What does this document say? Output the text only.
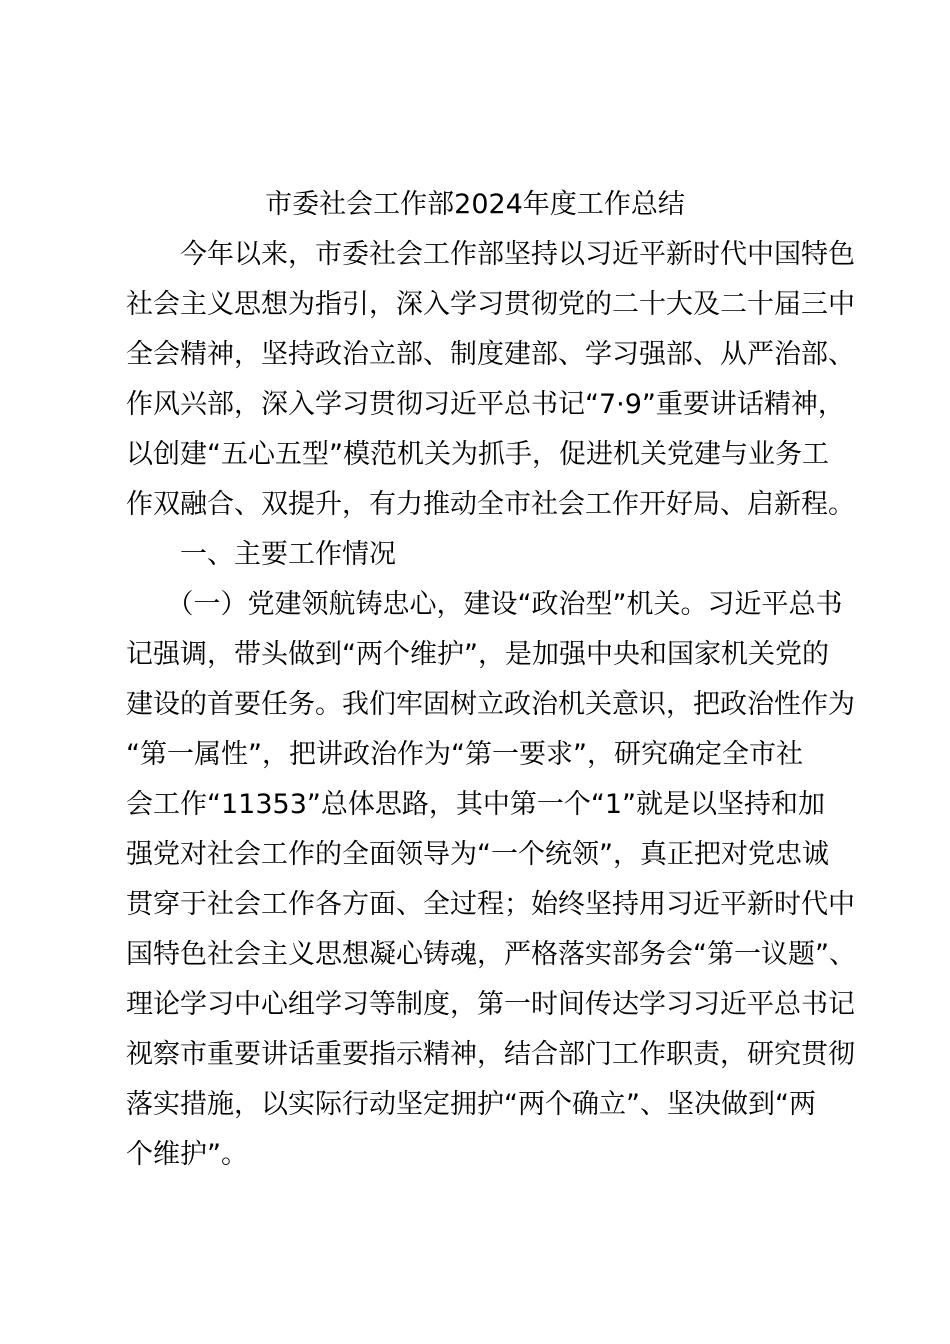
市委社会工作部2024年度工作总结
　　今年以来，市委社会工作部坚持以习近平新时代中国特色
社会主义思想为指引，深入学习贯彻党的二十大及二十届三中
全会精神，坚持政治立部、制度建部、学习强部、从严治部、
作风兴部，深入学习贯彻习近平总书记“7·9”重要讲话精神，
以创建“五心五型”模范机关为抓手，促进机关党建与业务工
作双融合、双提升，有力推动全市社会工作开好局、启新程。
　　一、主要工作情况
　　（一）党建领航铸忠心，建设“政治型”机关。习近平总书
记强调，带头做到“两个维护”，是加强中央和国家机关党的
建设的首要任务。我们牢固树立政治机关意识，把政治性作为
“第一属性”，把讲政治作为“第一要求”，研究确定全市社
会工作“11353”总体思路，其中第一个“1”就是以坚持和加
强党对社会工作的全面领导为“一个统领”，真正把对党忠诚
贯穿于社会工作各方面、全过程；始终坚持用习近平新时代中
国特色社会主义思想凝心铸魂，严格落实部务会“第一议题”、
理论学习中心组学习等制度，第一时间传达学习习近平总书记
视察市重要讲话重要指示精神，结合部门工作职责，研究贯彻
落实措施，以实际行动坚定拥护“两个确立”、坚决做到“两
个维护”。
